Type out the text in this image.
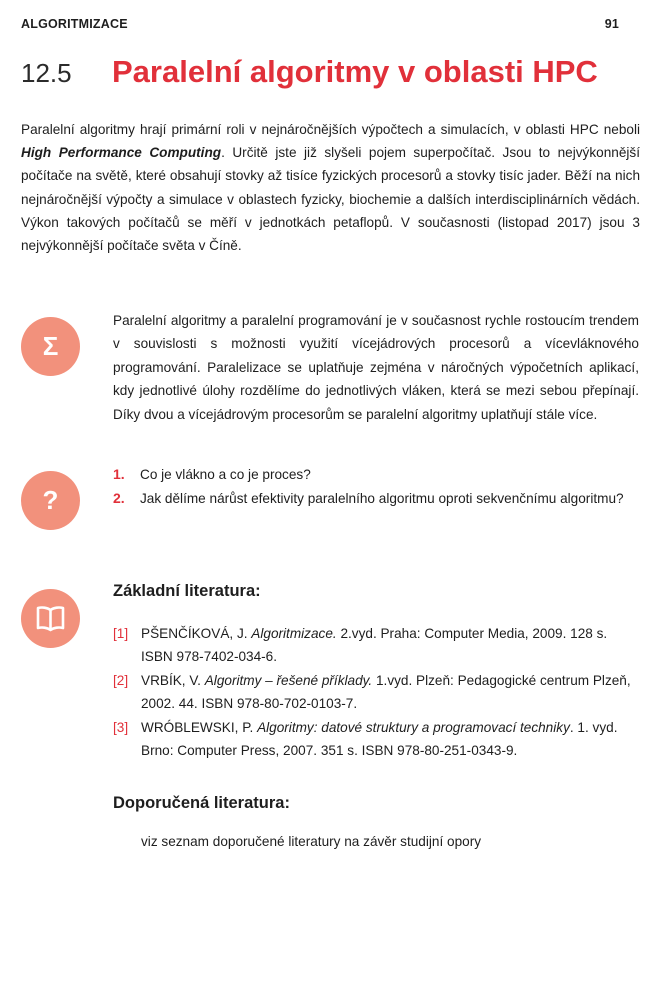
ALGORITMIZACE	91
12.5	Paralelní algoritmy v oblasti HPC

Paralelní algoritmy hrají primární roli v nejnáročnějších výpočtech a simulacích, v oblasti HPC neboli High Performance Computing. Určitě jste již slyšeli pojem superpočítač. Jsou to nejvýkonnější počítače na světě, které obsahují stovky až tisíce fyzických procesorů a stovky tisíc jader. Běží na nich nejnáročnější výpočty a simulace v oblastech fyzicky, biochemie a dalších interdisciplinárních vědách. Výkon takových počítačů se měří v jednotkách petaflopů. V současnosti (listopad 2017) jsou 3 nejvýkonnější počítače světa v Číně.

Σ

Paralelní algoritmy a paralelní programování je v současnost rychle rostoucím trendem v souvislosti s možnosti využití vícejádrových procesorů a vícevláknového programování. Paralelizace se uplatňuje zejména v náročných výpočetních aplikací, kdy jednotlivé úlohy rozdělíme do jednotlivých vláken, která se mezi sebou přepínají. Díky dvou a vícejádrovým procesorům se paralelní algoritmy uplatňují stále více.

?
1.	Co je vlákno a co je proces?
2.	Jak dělíme nárůst efektivity paralelního algoritmu oproti sekvenčnímu algoritmu?
Základní literatura:
[1] PŠENČÍKOVÁ, J. Algoritmizace. 2.vyd. Praha: Computer Media, 2009. 128 s. ISBN 978-7402-034-6.
[2] VRBÍK, V. Algoritmy – řešené příklady. 1.vyd. Plzeň: Pedagogické centrum Plzeň, 2002. 44. ISBN 978-80-702-0103-7.
[3] WRÓBLEWSKI, P. Algoritmy: datové struktury a programovací techniky. 1. vyd. Brno: Computer Press, 2007. 351 s. ISBN 978-80-251-0343-9.
Doporučená literatura:

viz seznam doporučené literatury na závěr studijní opory
